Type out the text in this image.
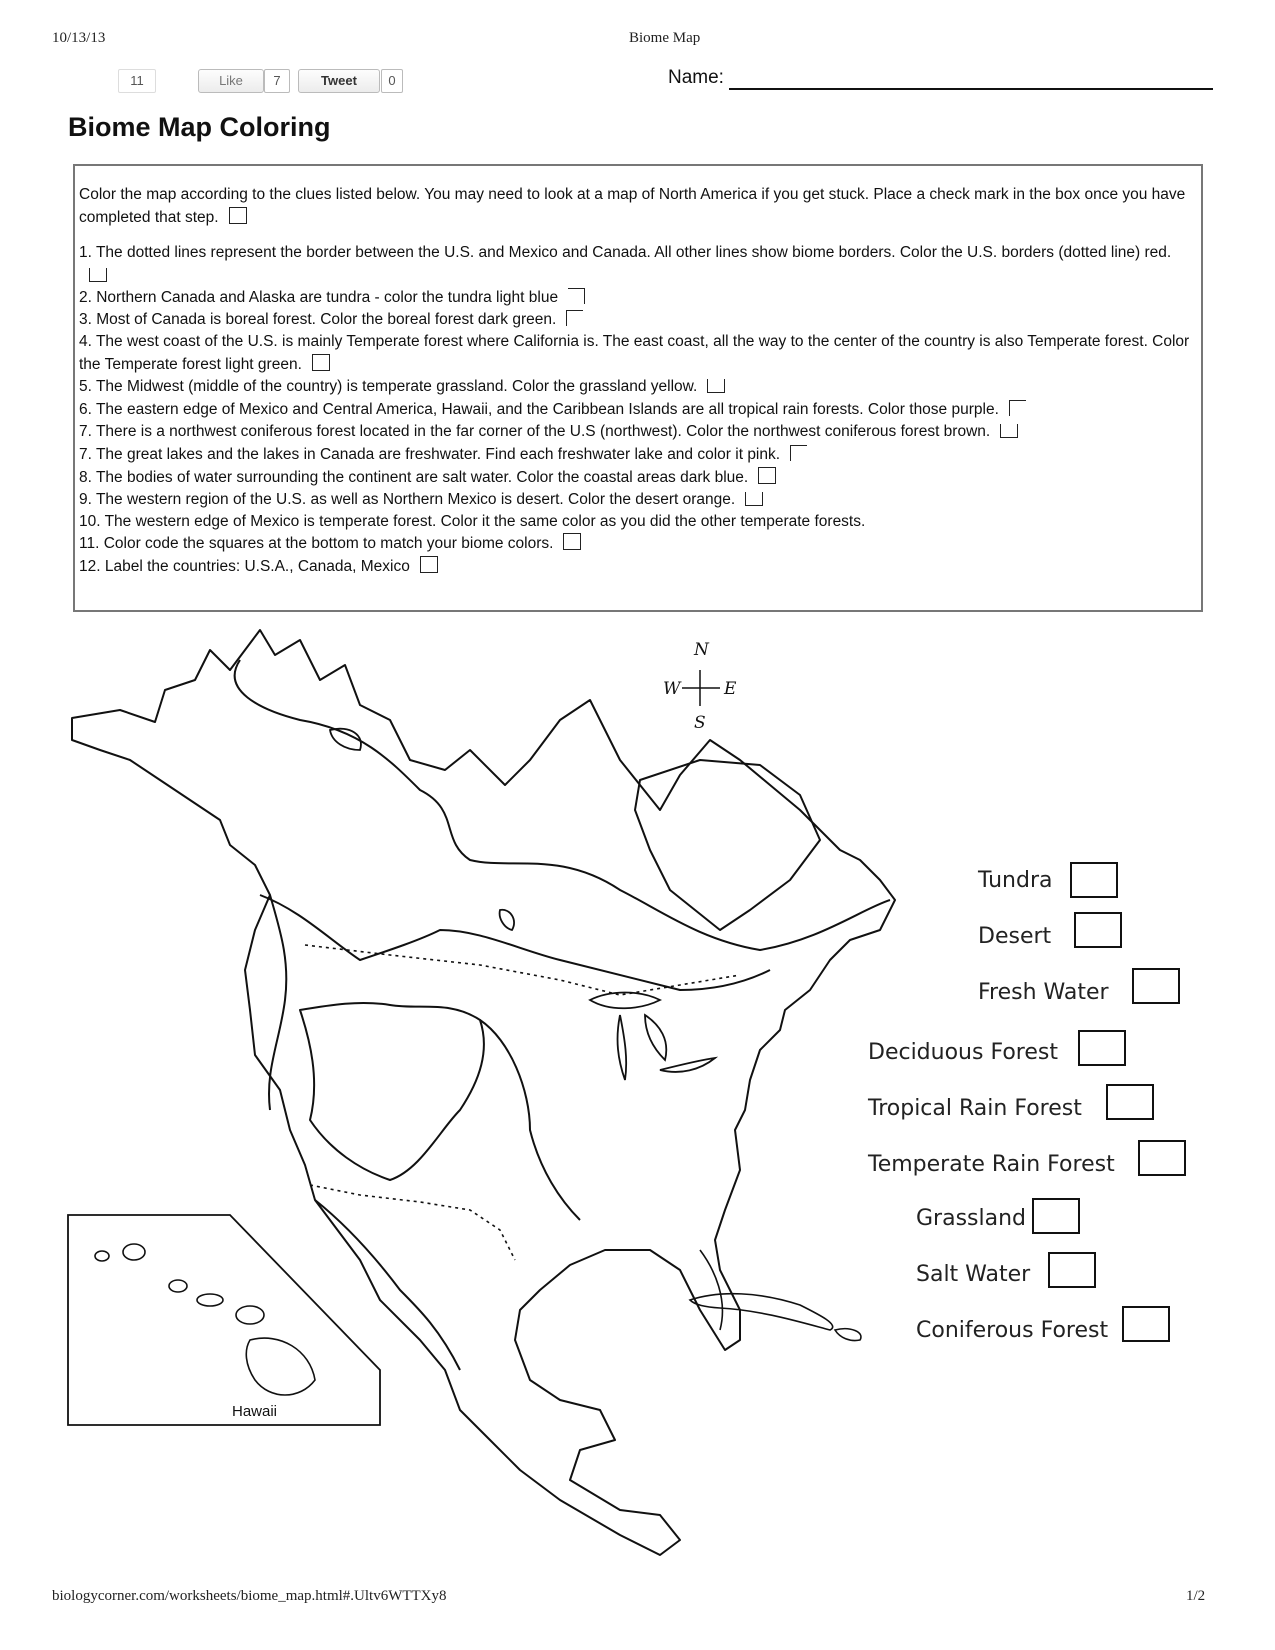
10/13/13	Biome Map
11	Like	7	Tweet	0	Name:
Biome Map Coloring
Color the map according to the clues listed below. You may need to look at a map of North America if you get stuck. Place a check mark in the box once you have completed that step.
1. The dotted lines represent the border between the U.S. and Mexico and Canada. All other lines show biome borders. Color the U.S. borders (dotted line) red.
2. Northern Canada and Alaska are tundra - color the tundra light blue
3. Most of Canada is boreal forest. Color the boreal forest dark green.
4. The west coast of the U.S. is mainly Temperate forest where California is. The east coast, all the way to the center of the country is also Temperate forest. Color the Temperate forest light green.
5. The Midwest (middle of the country) is temperate grassland. Color the grassland yellow.
6. The eastern edge of Mexico and Central America, Hawaii, and the Caribbean Islands are all tropical rain forests. Color those purple.
7. There is a northwest coniferous forest located in the far corner of the U.S (northwest). Color the northwest coniferous forest brown.
7. The great lakes and the lakes in Canada are freshwater. Find each freshwater lake and color it pink.
8. The bodies of water surrounding the continent are salt water. Color the coastal areas dark blue.
9. The western region of the U.S. as well as Northern Mexico is desert. Color the desert orange.
10. The western edge of Mexico is temperate forest. Color it the same color as you did the other temperate forests.
11. Color code the squares at the bottom to match your biome colors.
12. Label the countries: U.S.A., Canada, Mexico
Hawaii
N
W	E
S
Tundra
Desert
Fresh Water
Deciduous Forest
Tropical Rain Forest
Temperate Rain Forest
Grassland
Salt Water
Coniferous Forest
biologycorner.com/worksheets/biome_map.html#.Ultv6WTTXy8	1/2
